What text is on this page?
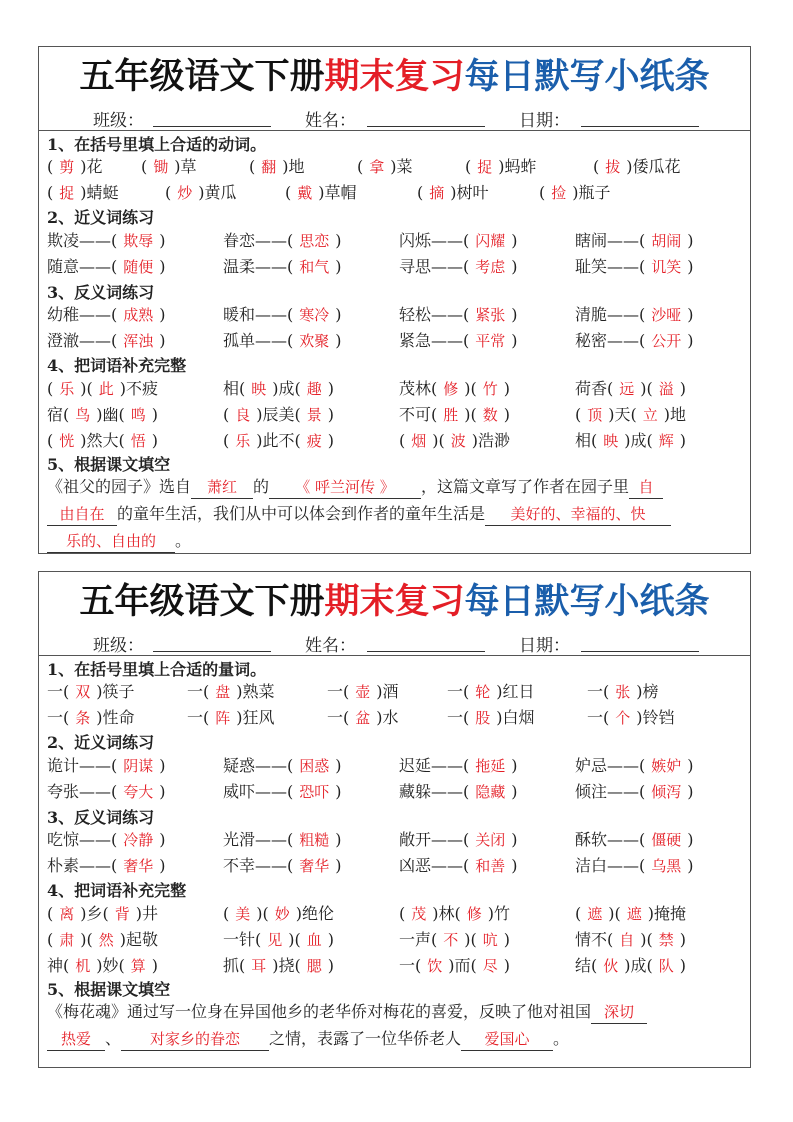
五年级语文下册期末复习每日默写小纸条
班级：	姓名：	日期：
1、在括号里填上合适的动词。
( 剪 )花 ( 锄 )草	( 翻 )地	( 拿 )菜	( 捉 )蚂蚱	( 拔 )倭瓜花
( 捉 )蜻蜓	( 炒 )黄瓜	( 戴 )草帽	( 摘 )树叶	( 捡 )瓶子
2、近义词练习
欺凌——( 欺辱 )	眷恋——( 思恋 )	闪烁——( 闪耀 )	瞎闹——( 胡闹 )
随意——( 随便 )	温柔——( 和气 )	寻思——( 考虑 )	耻笑——( 讥笑 )
3、反义词练习
幼稚——( 成熟 )	暖和——( 寒冷 )	轻松——( 紧张 )	清脆——( 沙哑 )
澄澈——( 浑浊 )	孤单——( 欢聚 )	紧急——( 平常 )	秘密——( 公开 )
4、把词语补充完整
( 乐 )( 此 )不疲	相( 映 )成( 趣 )	茂林( 修 )( 竹 )	荷香( 远 )( 溢 )
宿( 鸟 )幽( 鸣 )	( 良 )辰美( 景 )	不可( 胜 )( 数 )	( 顶 )天( 立 )地
( 恍 )然大( 悟 )	( 乐 )此不( 疲 )	( 烟 )( 波 )浩渺	相( 映 )成( 辉 )
5、根据课文填空
《祖父的园子》选自 萧红 的 《 呼兰河传 》 ，这篇文章写了作者在园子里 自
由自在 的童年生活，我们从中可以体会到作者的童年生活是 美好的、幸福的、快
乐的、自由的 。
五年级语文下册期末复习每日默写小纸条
班级：	姓名：	日期：
1、在括号里填上合适的量词。
一( 双 )筷子	一( 盘 )熟菜	一( 壶 )酒	一( 轮 )红日	一( 张 )榜
一( 条 )性命	一( 阵 )狂风	一( 盆 )水	一( 股 )白烟	一( 个 )铃铛
2、近义词练习
诡计——( 阴谋 )	疑惑——( 困惑 )	迟延——( 拖延 )	妒忌——( 嫉妒 )
夸张——( 夸大 )	威吓——( 恐吓 )	藏躲——( 隐藏 )	倾注——( 倾泻 )
3、反义词练习
吃惊——( 冷静 )	光滑——( 粗糙 )	敞开——( 关闭 )	酥软——( 僵硬 )
朴素——( 奢华 )	不幸——( 奢华 )	凶恶——( 和善 )	洁白——( 乌黑 )
4、把词语补充完整
( 离 )乡( 背 )井	( 美 )( 妙 )绝伦	( 茂 )林( 修 )竹	( 遮 )( 遮 )掩掩
( 肃 )( 然 )起敬	一针( 见 )( 血 )	一声( 不 )( 吭 )	情不( 自 )( 禁 )
神( 机 )妙( 算 )	抓( 耳 )挠( 腮 )	一( 饮 )而( 尽 )	结( 伙 )成( 队 )
5、根据课文填空
《梅花魂》通过写一位身在异国他乡的老华侨对梅花的喜爱，反映了他对祖国 深切
热爱 、 对家乡的眷恋 之情，表露了一位华侨老人 爱国心 。
